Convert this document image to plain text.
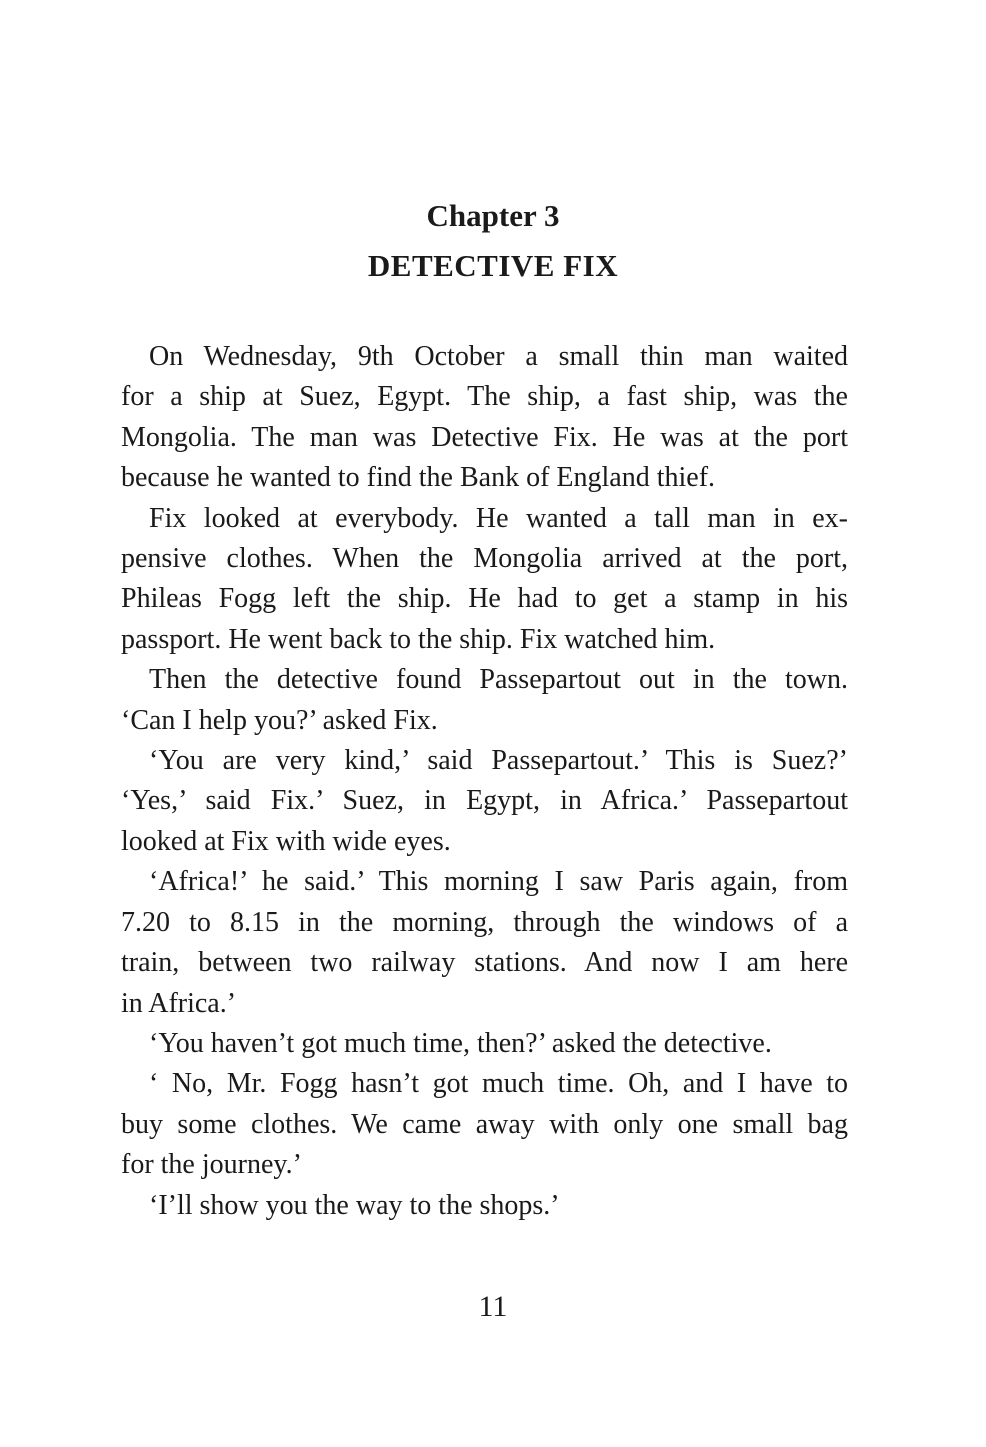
Chapter 3
DETECTIVE FIX

On Wednesday, 9th October a small thin man waited
for a ship at Suez, Egypt. The ship, a fast ship, was the
Mongolia. The man was Detective Fix. He was at the port
because he wanted to find the Bank of England thief.

Fix looked at everybody. He wanted a tall man in ex-
pensive clothes. When the Mongolia arrived at the port,
Phileas Fogg left the ship. He had to get a stamp in his
passport. He went back to the ship. Fix watched him.

Then the detective found Passepartout out in the town.
‘Can I help you?’ asked Fix.

‘You are very kind,’ said Passepartout.’ This is Suez?’
‘Yes,’ said Fix.’ Suez, in Egypt, in Africa.’ Passepartout
looked at Fix with wide eyes.

‘Africa!’ he said.’ This morning I saw Paris again, from
7.20 to 8.15 in the morning, through the windows of a
train, between two railway stations. And now I am here
in Africa.’

‘You haven’t got much time, then?’ asked the detective.

‘ No, Mr. Fogg hasn’t got much time. Oh, and I have to
buy some clothes. We came away with only one small bag
for the journey.’

‘I’ll show you the way to the shops.’

11
